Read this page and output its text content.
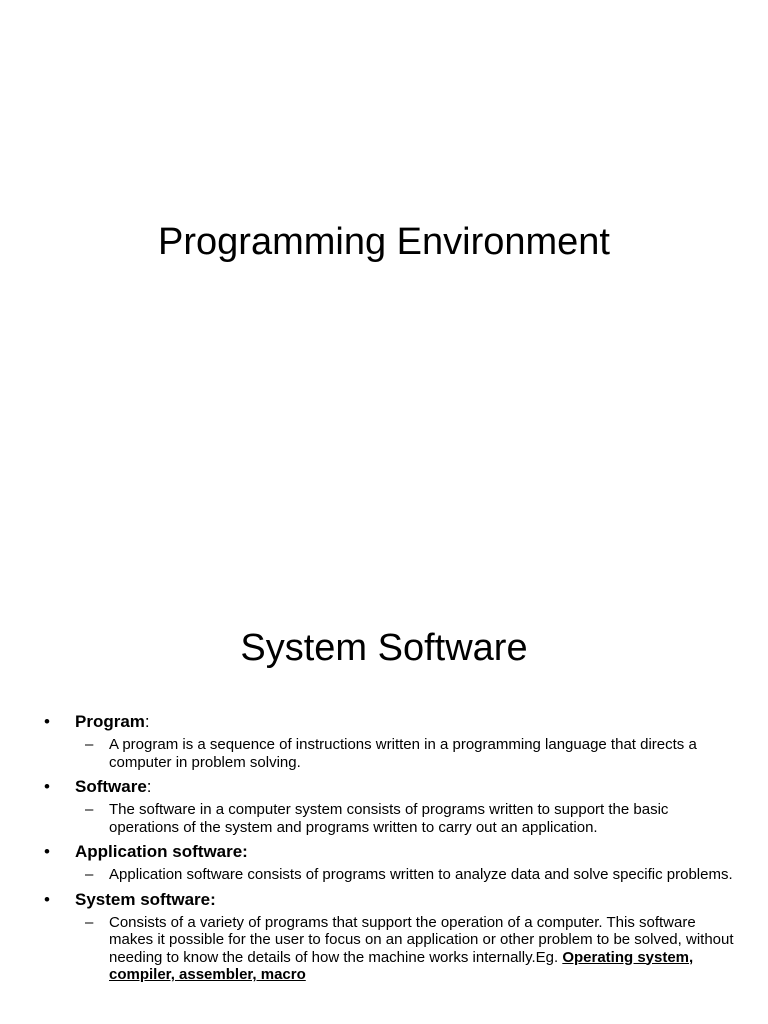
Programming Environment
System Software
• Program:
– A program is a sequence of instructions written in a programming language that directs a computer in problem solving.
• Software:
– The software in a computer system consists of programs written to support the basic operations of the system and programs written to carry out an application.
• Application software:
– Application software consists of programs written to analyze data and solve specific problems.
• System software:
– Consists of a variety of programs that support the operation of a computer. This software makes it possible for the user to focus on an application or other problem to be solved, without needing to know the details of how the machine works internally.Eg. Operating system, compiler, assembler, macro
